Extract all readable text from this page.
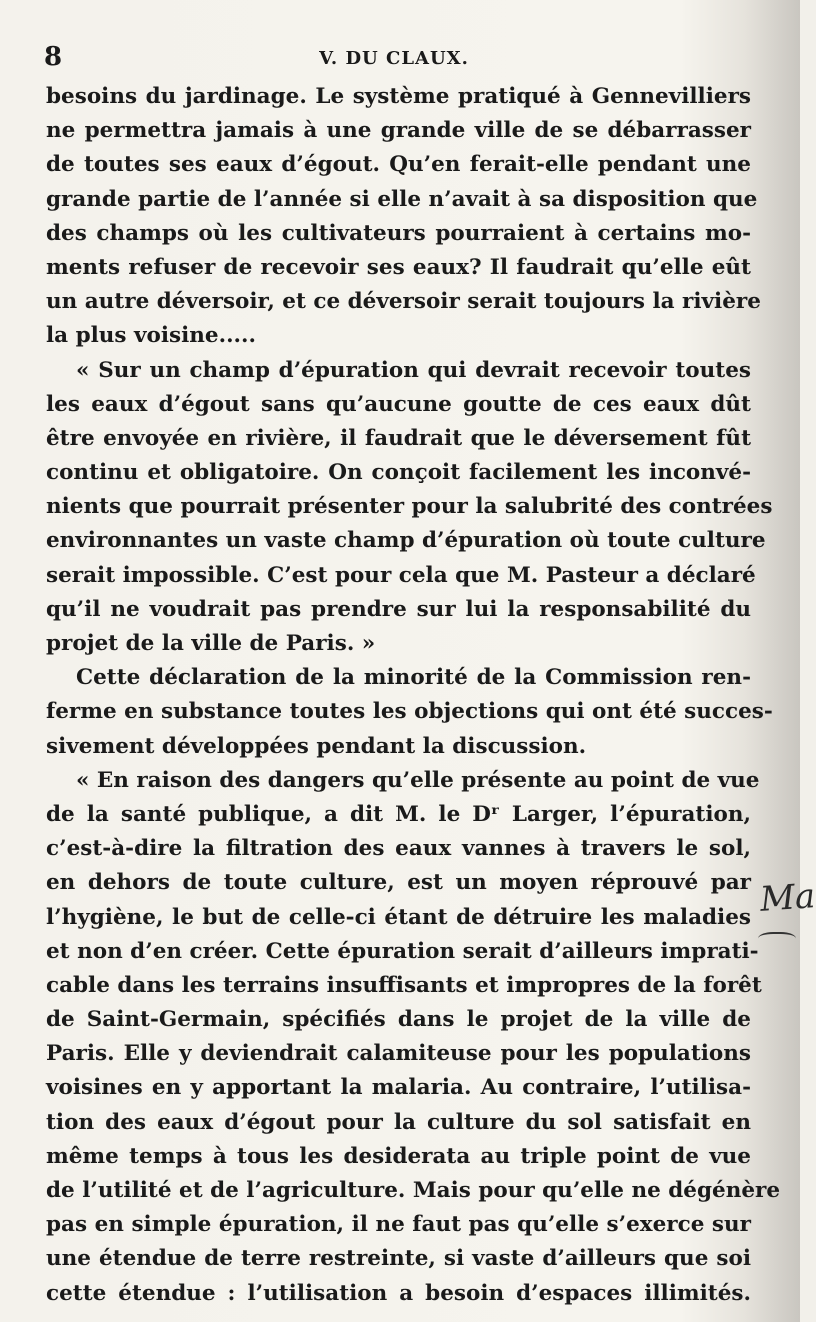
8	V. DU CLAUX.
besoins du jardinage. Le système pratiqué à Gennevilliers
ne permettra jamais à une grande ville de se débarrasser
de toutes ses eaux d’égout. Qu’en ferait-elle pendant une
grande partie de l’année si elle n’avait à sa disposition que
des champs où les cultivateurs pourraient à certains mo-
ments refuser de recevoir ses eaux? Il faudrait qu’elle eût
un autre déversoir, et ce déversoir serait toujours la rivière
la plus voisine.....
« Sur un champ d’épuration qui devrait recevoir toutes
les eaux d’égout sans qu’aucune goutte de ces eaux dût
être envoyée en rivière, il faudrait que le déversement fût
continu et obligatoire. On conçoit facilement les inconvé-
nients que pourrait présenter pour la salubrité des contrées
environnantes un vaste champ d’épuration où toute culture
serait impossible. C’est pour cela que M. Pasteur a déclaré
qu’il ne voudrait pas prendre sur lui la responsabilité du
projet de la ville de Paris. »
Cette déclaration de la minorité de la Commission ren-
ferme en substance toutes les objections qui ont été succes-
sivement développées pendant la discussion.
« En raison des dangers qu’elle présente au point de vue
de la santé publique, a dit M. le Dʳ Larger, l’épuration,
c’est-à-dire la filtration des eaux vannes à travers le sol,
en dehors de toute culture, est un moyen réprouvé par
l’hygiène, le but de celle-ci étant de détruire les maladies
et non d’en créer. Cette épuration serait d’ailleurs imprati-
cable dans les terrains insuffisants et impropres de la forêt
de Saint-Germain, spécifiés dans le projet de la ville de
Paris. Elle y deviendrait calamiteuse pour les populations
voisines en y apportant la malaria. Au contraire, l’utilisa-
tion des eaux d’égout pour la culture du sol satisfait en
même temps à tous les desiderata au triple point de vue
de l’utilité et de l’agriculture. Mais pour qu’elle ne dégénère
pas en simple épuration, il ne faut pas qu’elle s’exerce sur
une étendue de terre restreinte, si vaste d’ailleurs que soi
cette étendue : l’utilisation a besoin d’espaces illimités.
Ma
